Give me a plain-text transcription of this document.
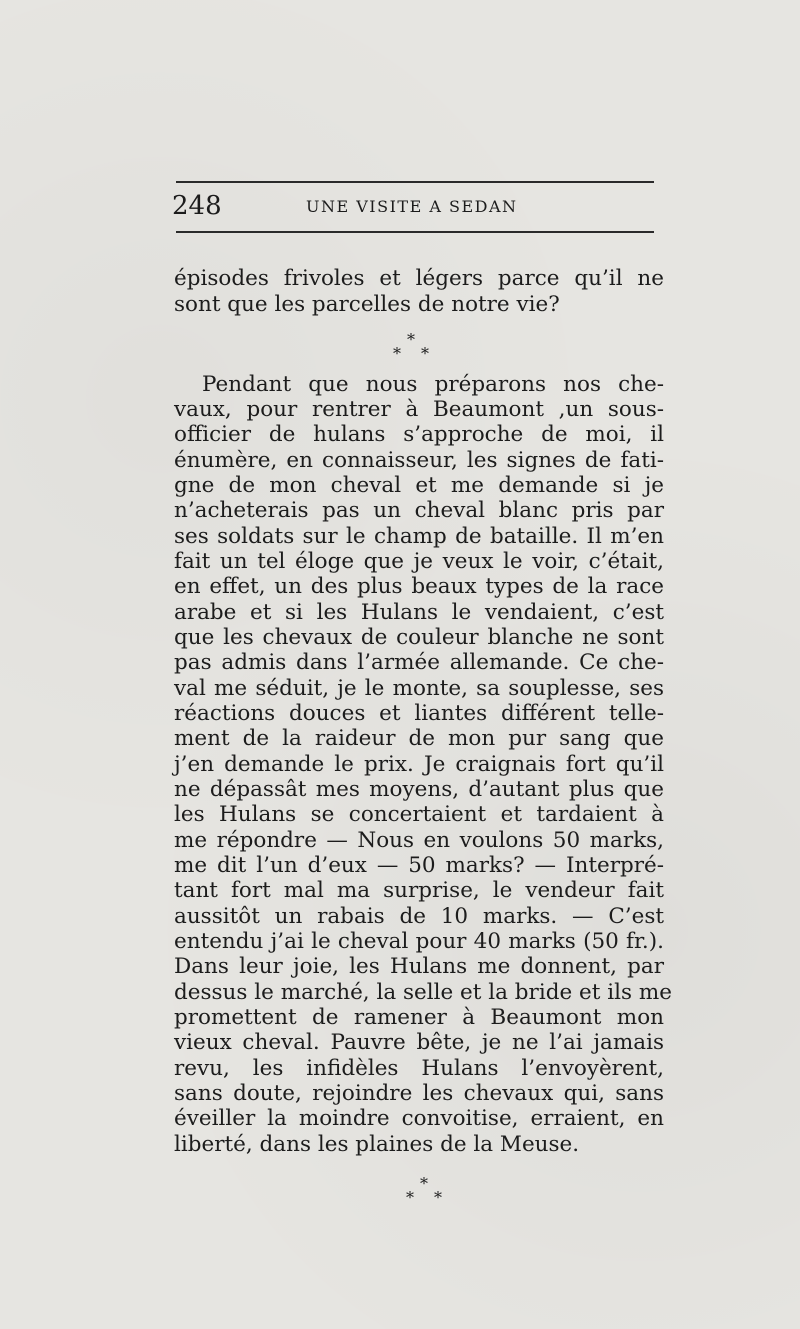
248	UNE VISITE A SEDAN
épisodes frivoles et légers parce qu’il ne
sont que les parcelles de notre vie?
*
* *
Pendant que nous préparons nos che-
vaux, pour rentrer à Beaumont ,un sous-
officier de hulans s’approche de moi, il
énumère, en connaisseur, les signes de fati-
gne de mon cheval et me demande si je
n’acheterais pas un cheval blanc pris par
ses soldats sur le champ de bataille. Il m’en
fait un tel éloge que je veux le voir, c’était,
en effet, un des plus beaux types de la race
arabe et si les Hulans le vendaient, c’est
que les chevaux de couleur blanche ne sont
pas admis dans l’armée allemande. Ce che-
val me séduit, je le monte, sa souplesse, ses
réactions douces et liantes différent telle-
ment de la raideur de mon pur sang que
j’en demande le prix. Je craignais fort qu’il
ne dépassât mes moyens, d’autant plus que
les Hulans se concertaient et tardaient à
me répondre — Nous en voulons 50 marks,
me dit l’un d’eux — 50 marks? — Interpré-
tant fort mal ma surprise, le vendeur fait
aussitôt un rabais de 10 marks. — C’est
entendu j’ai le cheval pour 40 marks (50 fr.).
Dans leur joie, les Hulans me donnent, par
dessus le marché, la selle et la bride et ils me
promettent de ramener à Beaumont mon
vieux cheval. Pauvre bête, je ne l’ai jamais
revu, les infidèles Hulans l’envoyèrent,
sans doute, rejoindre les chevaux qui, sans
éveiller la moindre convoitise, erraient, en
liberté, dans les plaines de la Meuse.
*
* *
